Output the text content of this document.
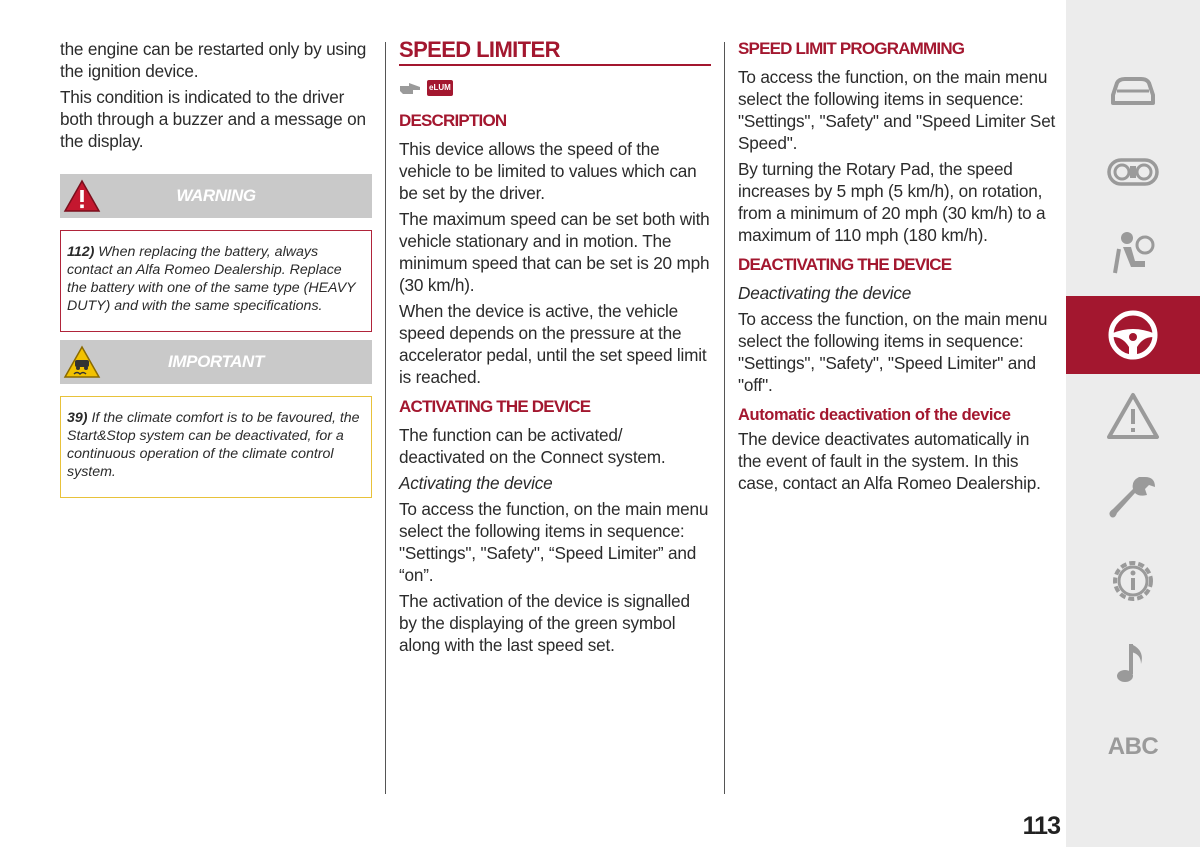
the engine can be restarted only by using the ignition device.

This condition is indicated to the driver both through a buzzer and a message on the display.

WARNING
112) When replacing the battery, always contact an Alfa Romeo Dealership. Replace the battery with one of the same type (HEAVY DUTY) and with the same specifications.
IMPORTANT
39) If the climate comfort is to be favoured, the Start&Stop system can be deactivated, for a continuous operation of the climate control system.
SPEED LIMITER
eLUM
DESCRIPTION

This device allows the speed of the vehicle to be limited to values which can be set by the driver.

The maximum speed can be set both with vehicle stationary and in motion. The minimum speed that can be set is 20 mph (30 km/h).

When the device is active, the vehicle speed depends on the pressure at the accelerator pedal, until the set speed limit is reached.

ACTIVATING THE DEVICE

The function can be activated/ deactivated on the Connect system.

Activating the device

To access the function, on the main menu select the following items in sequence: "Settings", "Safety", “Speed Limiter” and “on”.

The activation of the device is signalled by the displaying of the green symbol along with the last speed set.

SPEED LIMIT PROGRAMMING

To access the function, on the main menu select the following items in sequence: "Settings", "Safety" and "Speed Limiter Set Speed".

By turning the Rotary Pad, the speed increases by 5 mph (5 km/h), on rotation, from a minimum of 20 mph (30 km/h) to a maximum of 110 mph (180 km/h).

DEACTIVATING THE DEVICE

Deactivating the device

To access the function, on the main menu select the following items in sequence: "Settings", "Safety", "Speed Limiter" and "off".

Automatic deactivation of the device

The device deactivates automatically in the event of fault in the system. In this case, contact an Alfa Romeo Dealership.

ABC
113
